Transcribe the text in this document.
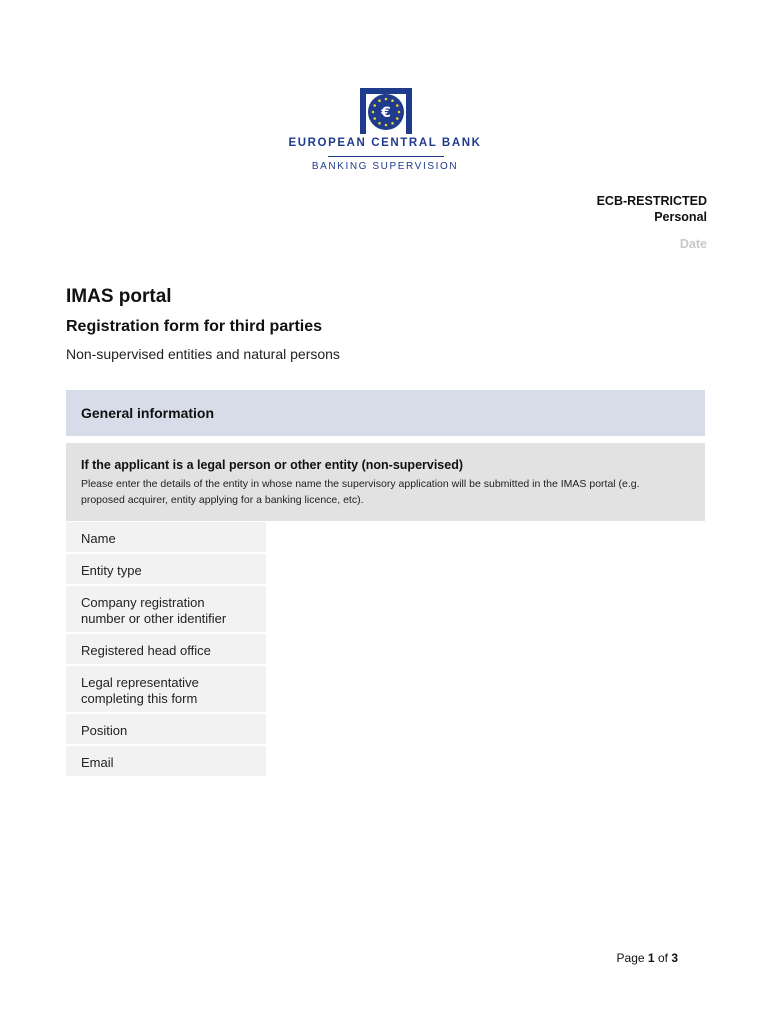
€
EUROPEAN CENTRAL BANK
BANKING SUPERVISION
ECB-RESTRICTED
Personal
Date
IMAS portal
Registration form for third parties
Non-supervised entities and natural persons
General information
If the applicant is a legal person or other entity (non-supervised)
Please enter the details of the entity in whose name the supervisory application will be submitted in the IMAS portal (e.g. proposed acquirer, entity applying for a banking licence, etc).
Name
Entity type
Company registration number or other identifier
Registered head office
Legal representative completing this form
Position
Email
Page 1 of 3
